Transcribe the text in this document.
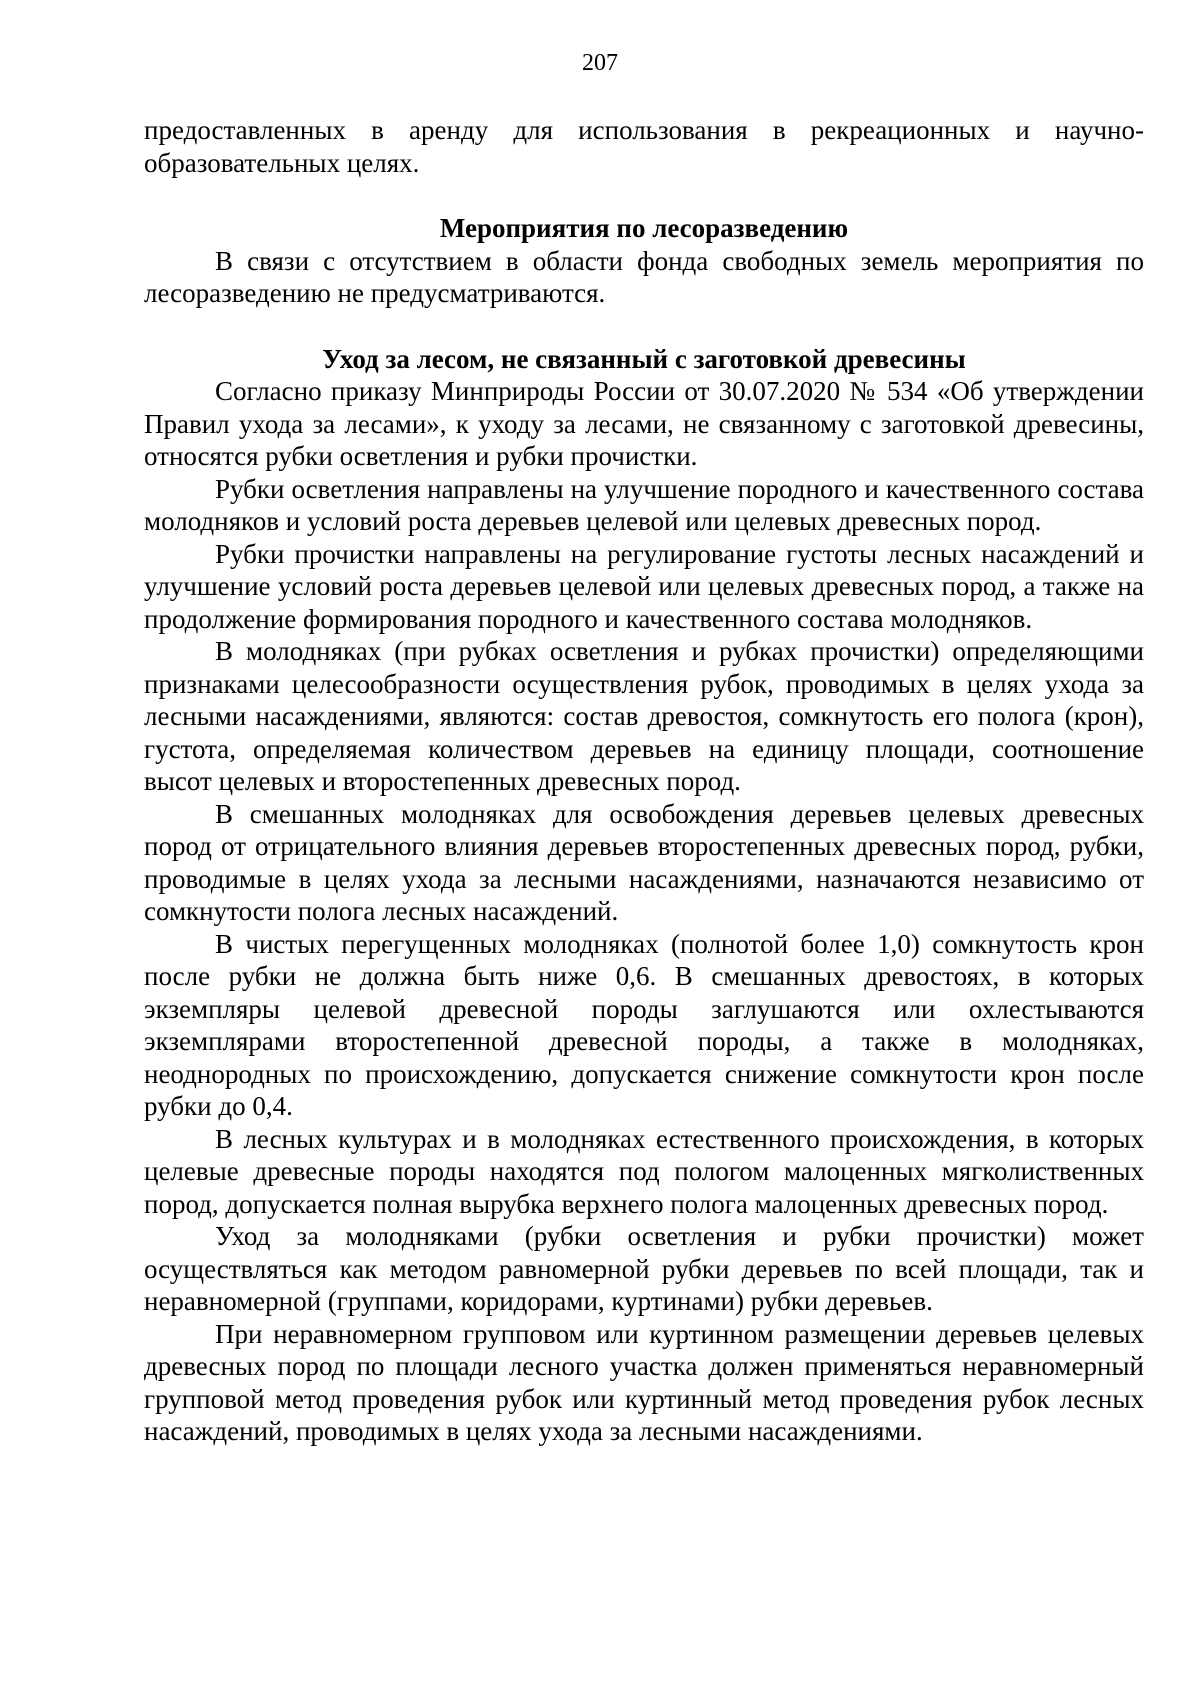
207

предоставленных в аренду для использования в рекреационных и научно-образовательных целях.

Мероприятия по лесоразведению

В связи с отсутствием в области фонда свободных земель мероприятия по лесоразведению не предусматриваются.

Уход за лесом, не связанный с заготовкой древесины

Согласно приказу Минприроды России от 30.07.2020 № 534 «Об утверждении Правил ухода за лесами», к уходу за лесами, не связанному с заготовкой древесины, относятся рубки осветления и рубки прочистки.

Рубки осветления направлены на улучшение породного и качественного состава молодняков и условий роста деревьев целевой или целевых древесных пород.

Рубки прочистки направлены на регулирование густоты лесных насаждений и улучшение условий роста деревьев целевой или целевых древесных пород, а также на продолжение формирования породного и качественного состава молодняков.

В молодняках (при рубках осветления и рубках прочистки) определяющими признаками целесообразности осуществления рубок, проводимых в целях ухода за лесными насаждениями, являются: состав древостоя, сомкнутость его полога (крон), густота, определяемая количеством деревьев на единицу площади, соотношение высот целевых и второстепенных древесных пород.

В смешанных молодняках для освобождения деревьев целевых древесных пород от отрицательного влияния деревьев второстепенных древесных пород, рубки, проводимые в целях ухода за лесными насаждениями, назначаются независимо от сомкнутости полога лесных насаждений.

В чистых перегущенных молодняках (полнотой более 1,0) сомкнутость крон после рубки не должна быть ниже 0,6. В смешанных древостоях, в которых экземпляры целевой древесной породы заглушаются или охлестываются экземплярами второстепенной древесной породы, а также в молодняках, неоднородных по происхождению, допускается снижение сомкнутости крон после рубки до 0,4.

В лесных культурах и в молодняках естественного происхождения, в которых целевые древесные породы находятся под пологом малоценных мягколиственных пород, допускается полная вырубка верхнего полога малоценных древесных пород.

Уход за молодняками (рубки осветления и рубки прочистки) может осуществляться как методом равномерной рубки деревьев по всей площади, так и неравномерной (группами, коридорами, куртинами) рубки деревьев.

При неравномерном групповом или куртинном размещении деревьев целевых древесных пород по площади лесного участка должен применяться неравномерный групповой метод проведения рубок или куртинный метод проведения рубок лесных насаждений, проводимых в целях ухода за лесными насаждениями.
